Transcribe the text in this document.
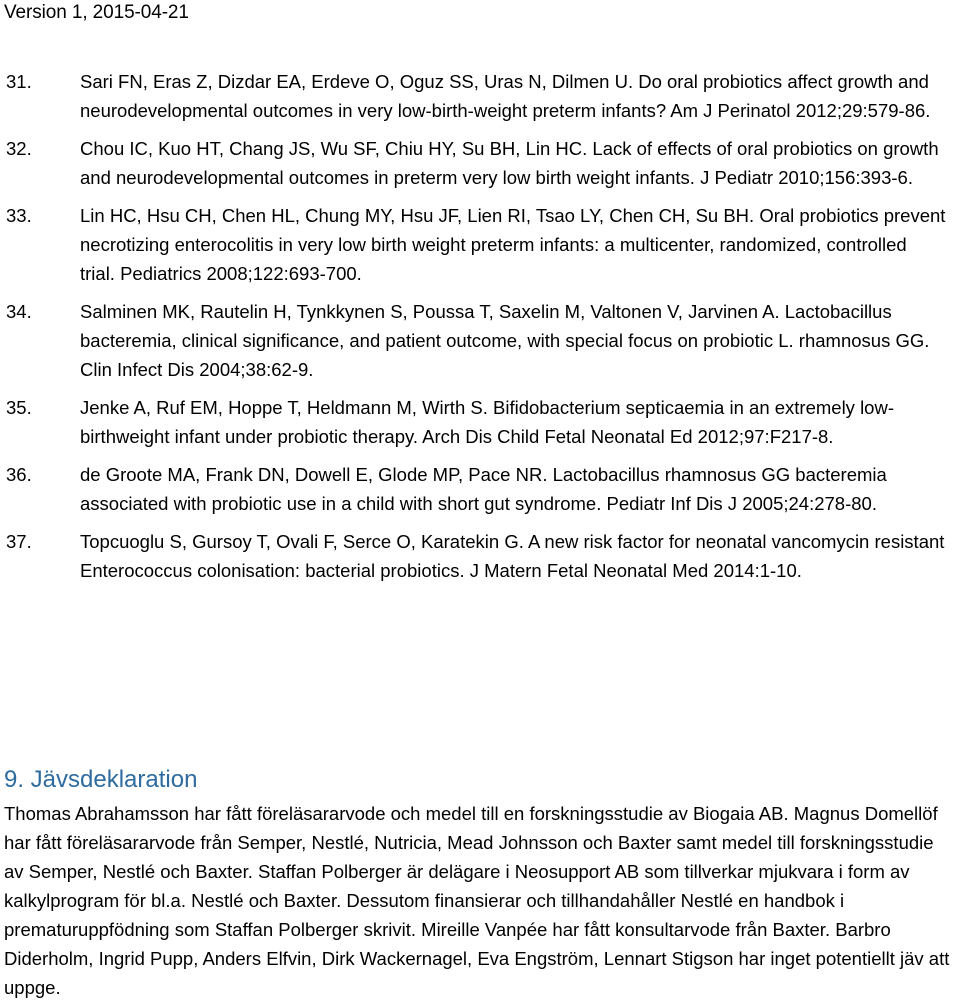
Version 1, 2015-04-21
31.	Sari FN, Eras Z, Dizdar EA, Erdeve O, Oguz SS, Uras N, Dilmen U. Do oral probiotics affect growth and neurodevelopmental outcomes in very low-birth-weight preterm infants? Am J Perinatol 2012;29:579-86.
32.	Chou IC, Kuo HT, Chang JS, Wu SF, Chiu HY, Su BH, Lin HC. Lack of effects of oral probiotics on growth and neurodevelopmental outcomes in preterm very low birth weight infants. J Pediatr 2010;156:393-6.
33.	Lin HC, Hsu CH, Chen HL, Chung MY, Hsu JF, Lien RI, Tsao LY, Chen CH, Su BH. Oral probiotics prevent necrotizing enterocolitis in very low birth weight preterm infants: a multicenter, randomized, controlled trial. Pediatrics 2008;122:693-700.
34.	Salminen MK, Rautelin H, Tynkkynen S, Poussa T, Saxelin M, Valtonen V, Jarvinen A. Lactobacillus bacteremia, clinical significance, and patient outcome, with special focus on probiotic L. rhamnosus GG. Clin Infect Dis 2004;38:62-9.
35.	Jenke A, Ruf EM, Hoppe T, Heldmann M, Wirth S. Bifidobacterium septicaemia in an extremely low-birthweight infant under probiotic therapy. Arch Dis Child Fetal Neonatal Ed 2012;97:F217-8.
36.	de Groote MA, Frank DN, Dowell E, Glode MP, Pace NR. Lactobacillus rhamnosus GG bacteremia associated with probiotic use in a child with short gut syndrome. Pediatr Inf Dis J 2005;24:278-80.
37.	Topcuoglu S, Gursoy T, Ovali F, Serce O, Karatekin G. A new risk factor for neonatal vancomycin resistant Enterococcus colonisation: bacterial probiotics. J Matern Fetal Neonatal Med 2014:1-10.
9. Jävsdeklaration

Thomas Abrahamsson har fått föreläsararvode och medel till en forskningsstudie av Biogaia AB. Magnus Domellöf har fått föreläsararvode från Semper, Nestlé, Nutricia, Mead Johnsson och Baxter samt medel till forskningsstudie av Semper, Nestlé och Baxter. Staffan Polberger är delägare i Neosupport AB som tillverkar mjukvara i form av kalkylprogram för bl.a. Nestlé och Baxter. Dessutom finansierar och tillhandahåller Nestlé en handbok i prematuruppfödning som Staffan Polberger skrivit. Mireille Vanpée har fått konsultarvode från Baxter. Barbro Diderholm, Ingrid Pupp, Anders Elfvin, Dirk Wackernagel, Eva Engström, Lennart Stigson har inget potentiellt jäv att uppge.
